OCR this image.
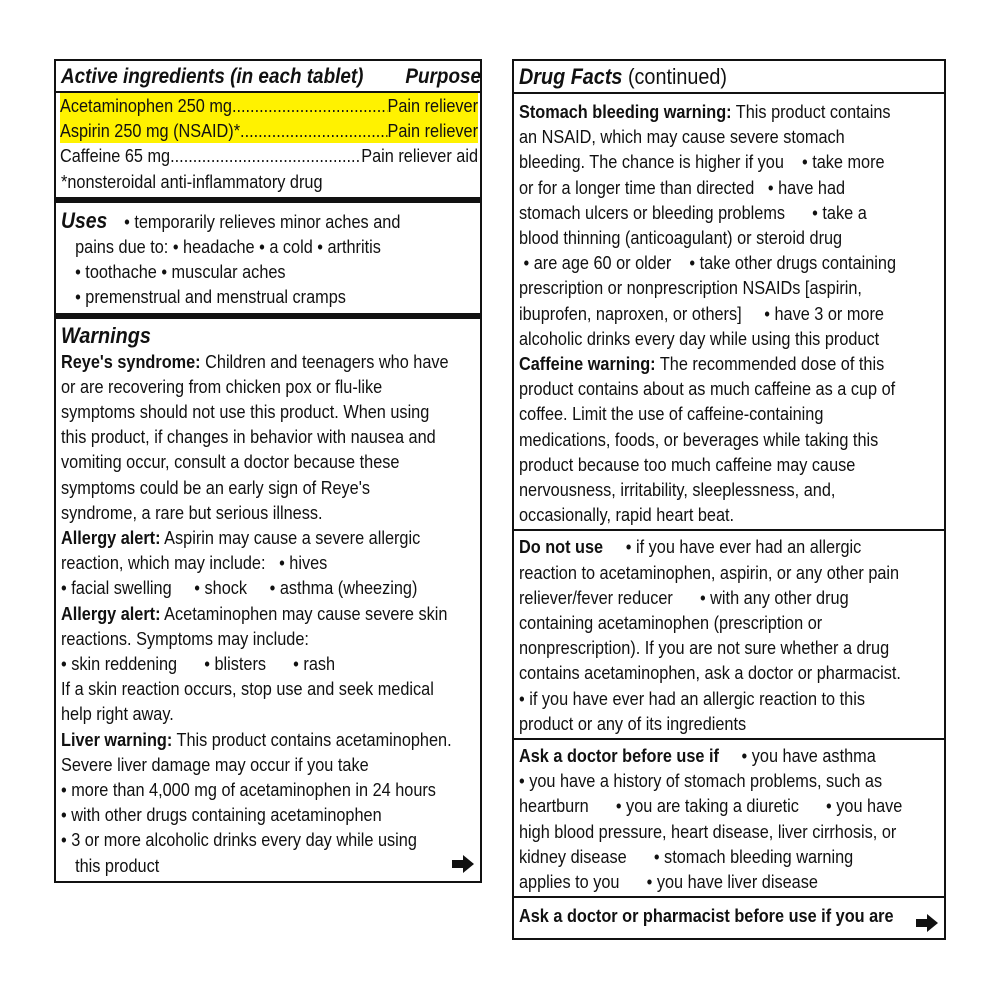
Active ingredients (in each tablet) Purpose
Acetaminophen 250 mg .....	Pain reliever
Aspirin 250 mg (NSAID)* .....	Pain reliever
Caffeine 65 mg .....	Pain reliever aid
*nonsteroidal anti-inflammatory drug
Uses • temporarily relieves minor aches and
pains due to: • headache • a cold • arthritis
• toothache • muscular aches
• premenstrual and menstrual cramps
Warnings
Reye's syndrome: Children and teenagers who have
or are recovering from chicken pox or flu-like
symptoms should not use this product. When using
this product, if changes in behavior with nausea and
vomiting occur, consult a doctor because these
symptoms could be an early sign of Reye's
syndrome, a rare but serious illness.
Allergy alert: Aspirin may cause a severe allergic
reaction, which may include:   • hives
• facial swelling     • shock     • asthma (wheezing)
Allergy alert: Acetaminophen may cause severe skin
reactions. Symptoms may include:
• skin reddening      • blisters      • rash
If a skin reaction occurs, stop use and seek medical
help right away.
Liver warning: This product contains acetaminophen.
Severe liver damage may occur if you take
• more than 4,000 mg of acetaminophen in 24 hours
• with other drugs containing acetaminophen
• 3 or more alcoholic drinks every day while using
this product
Drug Facts (continued)
Stomach bleeding warning: This product contains
an NSAID, which may cause severe stomach
bleeding. The chance is higher if you    • take more
or for a longer time than directed   • have had
stomach ulcers or bleeding problems      • take a
blood thinning (anticoagulant) or steroid drug
• are age 60 or older    • take other drugs containing
prescription or nonprescription NSAIDs [aspirin,
ibuprofen, naproxen, or others]     • have 3 or more
alcoholic drinks every day while using this product
Caffeine warning: The recommended dose of this
product contains about as much caffeine as a cup of
coffee. Limit the use of caffeine-containing
medications, foods, or beverages while taking this
product because too much caffeine may cause
nervousness, irritability, sleeplessness, and,
occasionally, rapid heart beat.
Do not use     • if you have ever had an allergic
reaction to acetaminophen, aspirin, or any other pain
reliever/fever reducer      • with any other drug
containing acetaminophen (prescription or
nonprescription). If you are not sure whether a drug
contains acetaminophen, ask a doctor or pharmacist.
• if you have ever had an allergic reaction to this
product or any of its ingredients
Ask a doctor before use if     • you have asthma
• you have a history of stomach problems, such as
heartburn      • you are taking a diuretic      • you have
high blood pressure, heart disease, liver cirrhosis, or
kidney disease      • stomach bleeding warning
applies to you      • you have liver disease
Ask a doctor or pharmacist before use if you are
